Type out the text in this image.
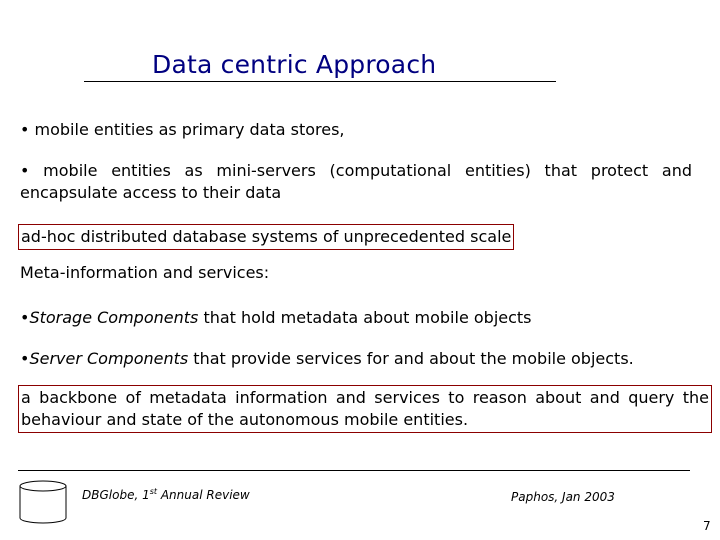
Data centric Approach
• mobile entities as primary data stores,
• mobile entities as mini-servers (computational entities) that protect and
encapsulate access to their data
ad-hoc distributed database systems of unprecedented scale
Meta-information and services:
•Storage Components that hold metadata about mobile objects
•Server Components that provide services for and about the mobile objects.
a backbone of metadata information and services to reason about and query the
behaviour and state of the autonomous mobile entities.
DBGlobe, 1st Annual Review	Paphos, Jan 2003
7
